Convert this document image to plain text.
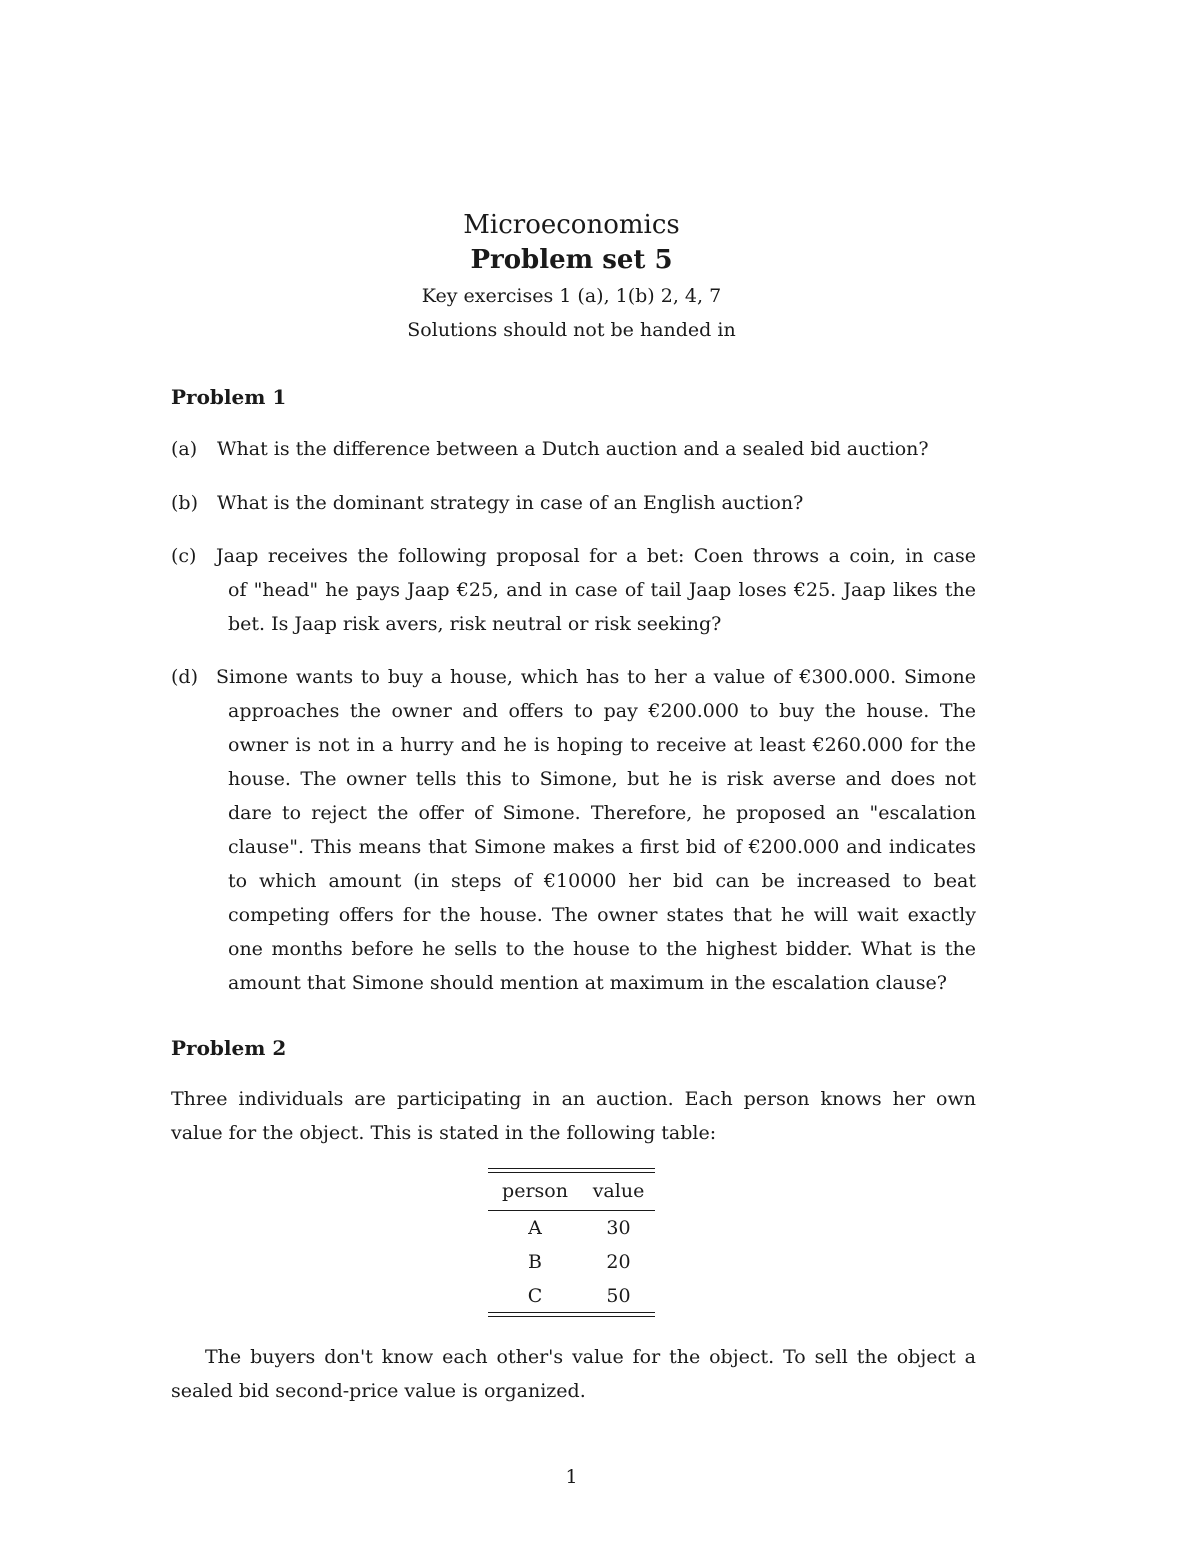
Microeconomics
Problem set 5
Key exercises 1 (a), 1(b) 2, 4, 7
Solutions should not be handed in
Problem 1
(a) What is the difference between a Dutch auction and a sealed bid auction?
(b) What is the dominant strategy in case of an English auction?
(c) Jaap receives the following proposal for a bet: Coen throws a coin, in case
of "head" he pays Jaap €25, and in case of tail Jaap loses €25. Jaap likes the bet. Is Jaap risk avers, risk neutral or risk seeking?
(d) Simone wants to buy a house, which has to her a value of €300.000. Simone
approaches the owner and offers to pay €200.000 to buy the house. The owner is not in a hurry and he is hoping to receive at least €260.000 for the house. The owner tells this to Simone, but he is risk averse and does not dare to reject the offer of Simone. Therefore, he proposed an "escalation clause". This means that Simone makes a first bid of €200.000 and indicates to which amount (in steps of €10000 her bid can be increased to beat competing offers for the house. The owner states that he will wait exactly one months before he sells to the house to the highest bidder. What is the amount that Simone should mention at maximum in the escalation clause?
Problem 2
Three individuals are participating in an auction. Each person knows her own value for the object. This is stated in the following table:
person	value
A	30
B	20
C	50
The buyers don't know each other's value for the object. To sell the object a sealed bid second-price value is organized.
1
